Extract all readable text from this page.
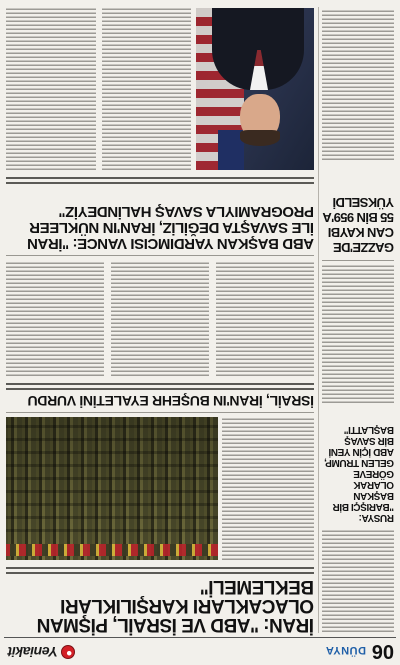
06
DÜNYA
Yeniakit
RUSYA: "BARIŞÇI BİR BAŞKAN OLARAK GÖREVE GELEN TRUMP, ABD İÇİN YENİ BİR SAVAŞ BAŞLATTI"
GAZZE'DE CAN KAYBI 55 BİN 959'A YÜKSELDİ
İRAN: "ABD VE İSRAİL, PİŞMAN OLACAKLARI KARŞILIKLARI BEKLEMELİ"
İSRAİL, İRAN'IN BUŞEHR EYALETİNİ VURDU
ABD BAŞKAN YARDIMCISI VANCE: "İRAN İLE SAVAŞTA DEĞİLİZ, İRAN'IN NÜKLEER PROGRAMIYLA SAVAŞ HALİNDEYİZ"
